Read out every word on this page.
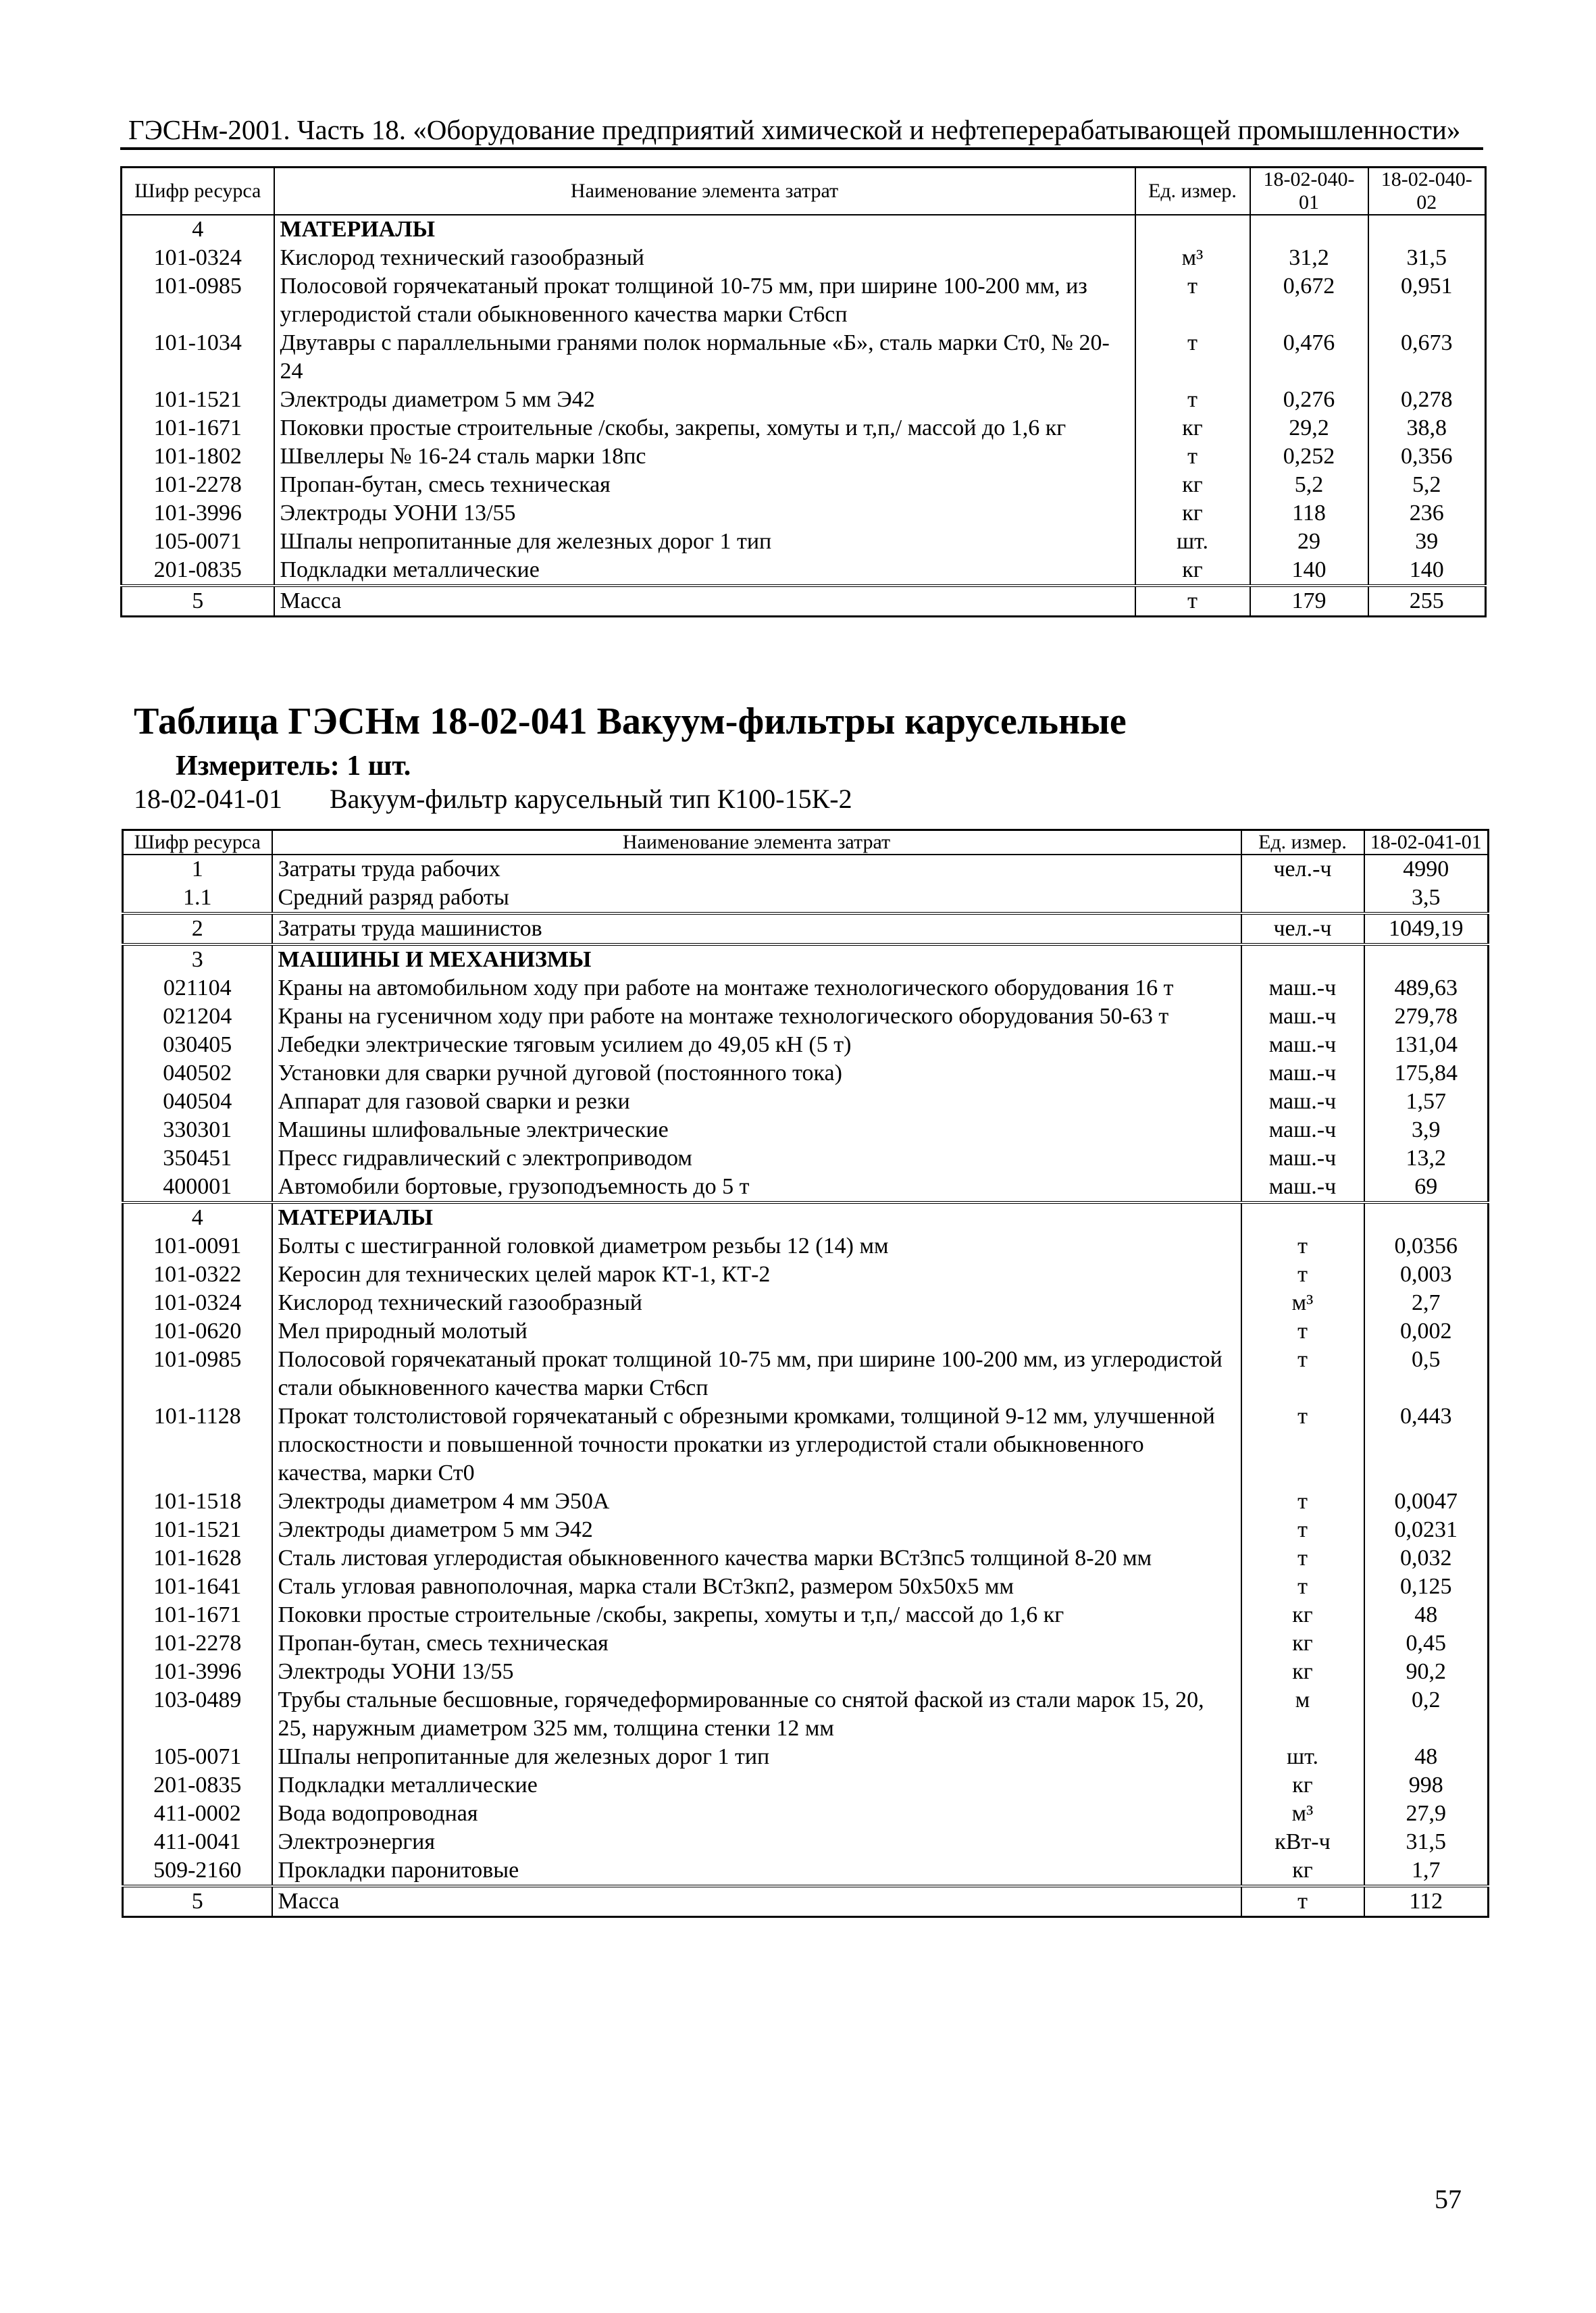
ГЭСНм-2001. Часть 18. «Оборудование предприятий химической и нефтеперерабатывающей промышленности»
Шифр ресурса	Наименование элемента затрат	Ед. измер.	18-02-040-01	18-02-040-02
4	МАТЕРИАЛЫ			
101-0324	Кислород технический газообразный	м³	31,2	31,5
101-0985	Полосовой горячекатаный прокат толщиной 10-75 мм, при ширине 100-200 мм, из углеродистой стали обыкновенного качества марки Ст6сп	т	0,672	0,951
101-1034	Двутавры с параллельными гранями полок нормальные «Б», сталь марки Ст0, № 20-24	т	0,476	0,673
101-1521	Электроды диаметром 5 мм Э42	т	0,276	0,278
101-1671	Поковки простые строительные /скобы, закрепы, хомуты и т,п,/ массой до 1,6 кг	кг	29,2	38,8
101-1802	Швеллеры № 16-24 сталь марки 18пс	т	0,252	0,356
101-2278	Пропан-бутан, смесь техническая	кг	5,2	5,2
101-3996	Электроды УОНИ 13/55	кг	118	236
105-0071	Шпалы непропитанные для железных дорог 1 тип	шт.	29	39
201-0835	Подкладки металлические	кг	140	140
5	Масса	т	179	255
Таблица ГЭСНм 18-02-041 Вакуум-фильтры карусельные
Измеритель: 1 шт.
18-02-041-01 Вакуум-фильтр карусельный тип К100-15К-2
Шифр ресурса	Наименование элемента затрат	Ед. измер.	18-02-041-01
1	Затраты труда рабочих	чел.-ч	4990
1.1	Средний разряд работы		3,5
2	Затраты труда машинистов	чел.-ч	1049,19
3	МАШИНЫ И МЕХАНИЗМЫ		
021104	Краны на автомобильном ходу при работе на монтаже технологического оборудования 16 т	маш.-ч	489,63
021204	Краны на гусеничном ходу при работе на монтаже технологического оборудования 50-63 т	маш.-ч	279,78
030405	Лебедки электрические тяговым усилием до 49,05 кН (5 т)	маш.-ч	131,04
040502	Установки для сварки ручной дуговой (постоянного тока)	маш.-ч	175,84
040504	Аппарат для газовой сварки и резки	маш.-ч	1,57
330301	Машины шлифовальные электрические	маш.-ч	3,9
350451	Пресс гидравлический с электроприводом	маш.-ч	13,2
400001	Автомобили бортовые, грузоподъемность до 5 т	маш.-ч	69
4	МАТЕРИАЛЫ		
101-0091	Болты с шестигранной головкой диаметром резьбы 12 (14) мм	т	0,0356
101-0322	Керосин для технических целей марок КТ-1, КТ-2	т	0,003
101-0324	Кислород технический газообразный	м³	2,7
101-0620	Мел природный молотый	т	0,002
101-0985	Полосовой горячекатаный прокат толщиной 10-75 мм, при ширине 100-200 мм, из углеродистой стали обыкновенного качества марки Ст6сп	т	0,5
101-1128	Прокат толстолистовой горячекатаный с обрезными кромками, толщиной 9-12 мм, улучшенной плоскостности и повышенной точности прокатки из углеродистой стали обыкновенного качества, марки Ст0	т	0,443
101-1518	Электроды диаметром 4 мм Э50А	т	0,0047
101-1521	Электроды диаметром 5 мм Э42	т	0,0231
101-1628	Сталь листовая углеродистая обыкновенного качества марки ВСт3пс5 толщиной 8-20 мм	т	0,032
101-1641	Сталь угловая равнополочная, марка стали ВСт3кп2, размером 50х50х5 мм	т	0,125
101-1671	Поковки простые строительные /скобы, закрепы, хомуты и т,п,/ массой до 1,6 кг	кг	48
101-2278	Пропан-бутан, смесь техническая	кг	0,45
101-3996	Электроды УОНИ 13/55	кг	90,2
103-0489	Трубы стальные бесшовные, горячедеформированные со снятой фаской из стали марок 15, 20, 25, наружным диаметром 325 мм, толщина стенки 12 мм	м	0,2
105-0071	Шпалы непропитанные для железных дорог 1 тип	шт.	48
201-0835	Подкладки металлические	кг	998
411-0002	Вода водопроводная	м³	27,9
411-0041	Электроэнергия	кВт-ч	31,5
509-2160	Прокладки паронитовые	кг	1,7
5	Масса	т	112
57
